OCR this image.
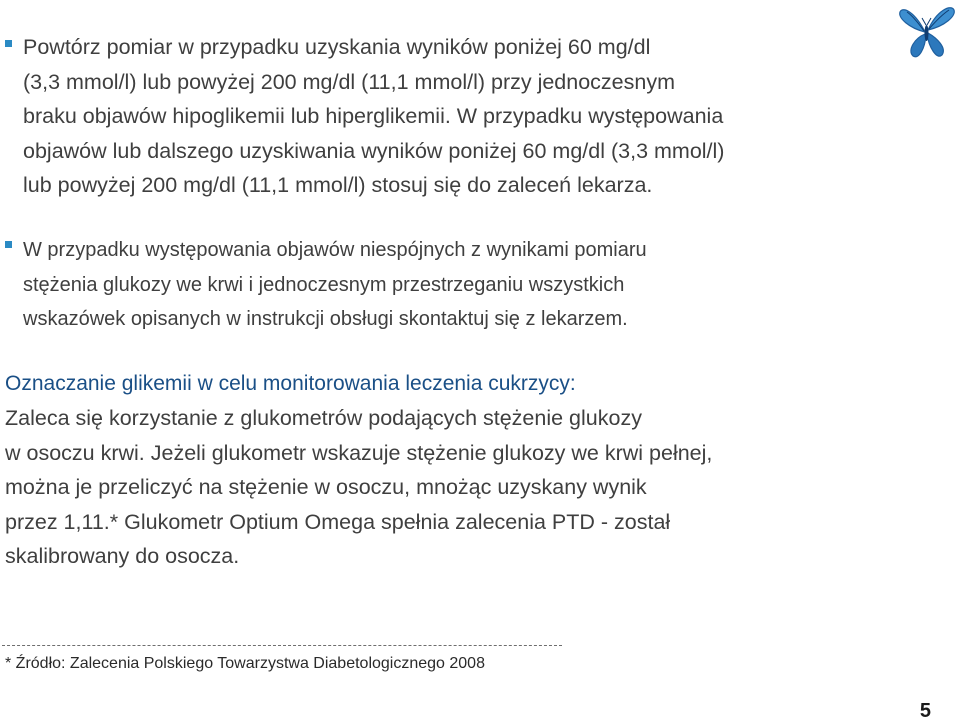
Powtórz pomiar w przypadku uzyskania wyników poniżej 60 mg/dl
(3,3 mmol/l) lub powyżej 200 mg/dl (11,1 mmol/l) przy jednoczesnym
braku objawów hipoglikemii lub hiperglikemii. W przypadku występowania
objawów lub dalszego uzyskiwania wyników poniżej 60 mg/dl (3,3 mmol/l)
lub powyżej 200 mg/dl (11,1 mmol/l) stosuj się do zaleceń lekarza.

W przypadku występowania objawów niespójnych z wynikami pomiaru
stężenia glukozy we krwi i jednoczesnym przestrzeganiu wszystkich
wskazówek opisanych w instrukcji obsługi skontaktuj się z lekarzem.

Oznaczanie glikemii w celu monitorowania leczenia cukrzycy:

Zaleca się korzystanie z glukometrów podających stężenie glukozy
w osoczu krwi. Jeżeli glukometr wskazuje stężenie glukozy we krwi pełnej,
można je przeliczyć na stężenie w osoczu, mnożąc uzyskany wynik
przez 1,11.* Glukometr Optium Omega spełnia zalecenia PTD - został
skalibrowany do osocza.

* Źródło: Zalecenia Polskiego Towarzystwa Diabetologicznego 2008

5
